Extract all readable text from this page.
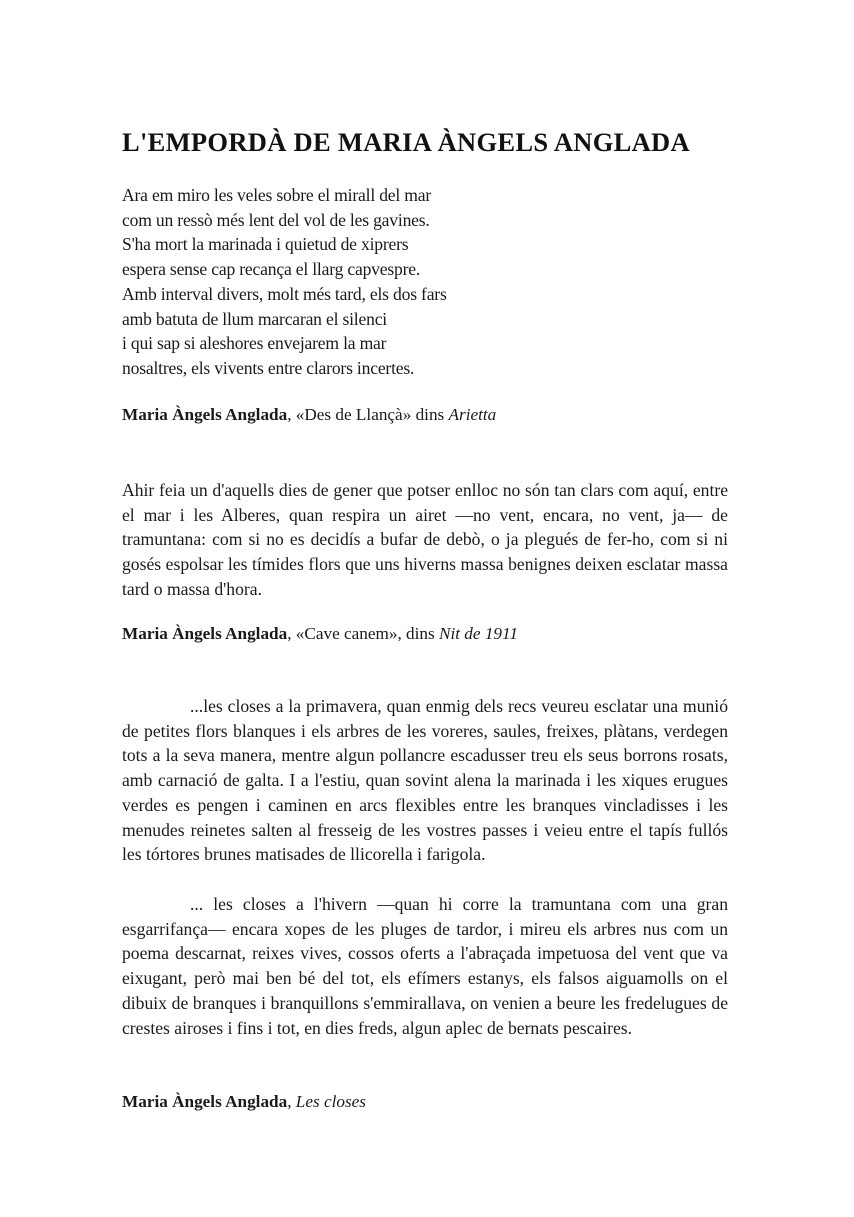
L'EMPORDÀ DE MARIA ÀNGELS ANGLADA
Ara em miro les veles sobre el mirall del mar
com un ressò més lent del vol de les gavines.
S'ha mort la marinada i quietud de xiprers
espera sense cap recança el llarg capvespre.
Amb interval divers, molt més tard, els dos fars
amb batuta de llum marcaran el silenci
i qui sap si aleshores envejarem la mar
nosaltres, els vivents entre clarors incertes.

Maria Àngels Anglada, «Des de Llançà» dins Arietta

Ahir feia un d'aquells dies de gener que potser enlloc no són tan clars com aquí, entre el mar i les Alberes, quan respira un airet —no vent, encara, no vent, ja— de tramuntana: com si no es decidís a bufar de debò, o ja plegués de fer-ho, com si ni gosés espolsar les tímides flors que uns hiverns massa benignes deixen esclatar massa tard o massa d'hora.

Maria Àngels Anglada, «Cave canem», dins Nit de 1911

...les closes a la primavera, quan enmig dels recs veureu esclatar una munió de petites flors blanques i els arbres de les voreres, saules, freixes, plàtans, verdegen tots a la seva manera, mentre algun pollancre escadusser treu els seus borrons rosats, amb carnació de galta. I a l'estiu, quan sovint alena la marinada i les xiques erugues verdes es pengen i caminen en arcs flexibles entre les branques vincladisses i les menudes reinetes salten al fresseig de les vostres passes i veieu entre el tapís fullós les tórtores brunes matisades de llicorella i farigola.

... les closes a l'hivern —quan hi corre la tramuntana com una gran esgarrifança— encara xopes de les pluges de tardor, i mireu els arbres nus com un poema descarnat, reixes vives, cossos oferts a l'abraçada impetuosa del vent que va eixugant, però mai ben bé del tot, els efímers estanys, els falsos aiguamolls on el dibuix de branques i branquillons s'emmirallava, on venien a beure les fredelugues de crestes airoses i fins i tot, en dies freds, algun aplec de bernats pescaires.

Maria Àngels Anglada, Les closes
